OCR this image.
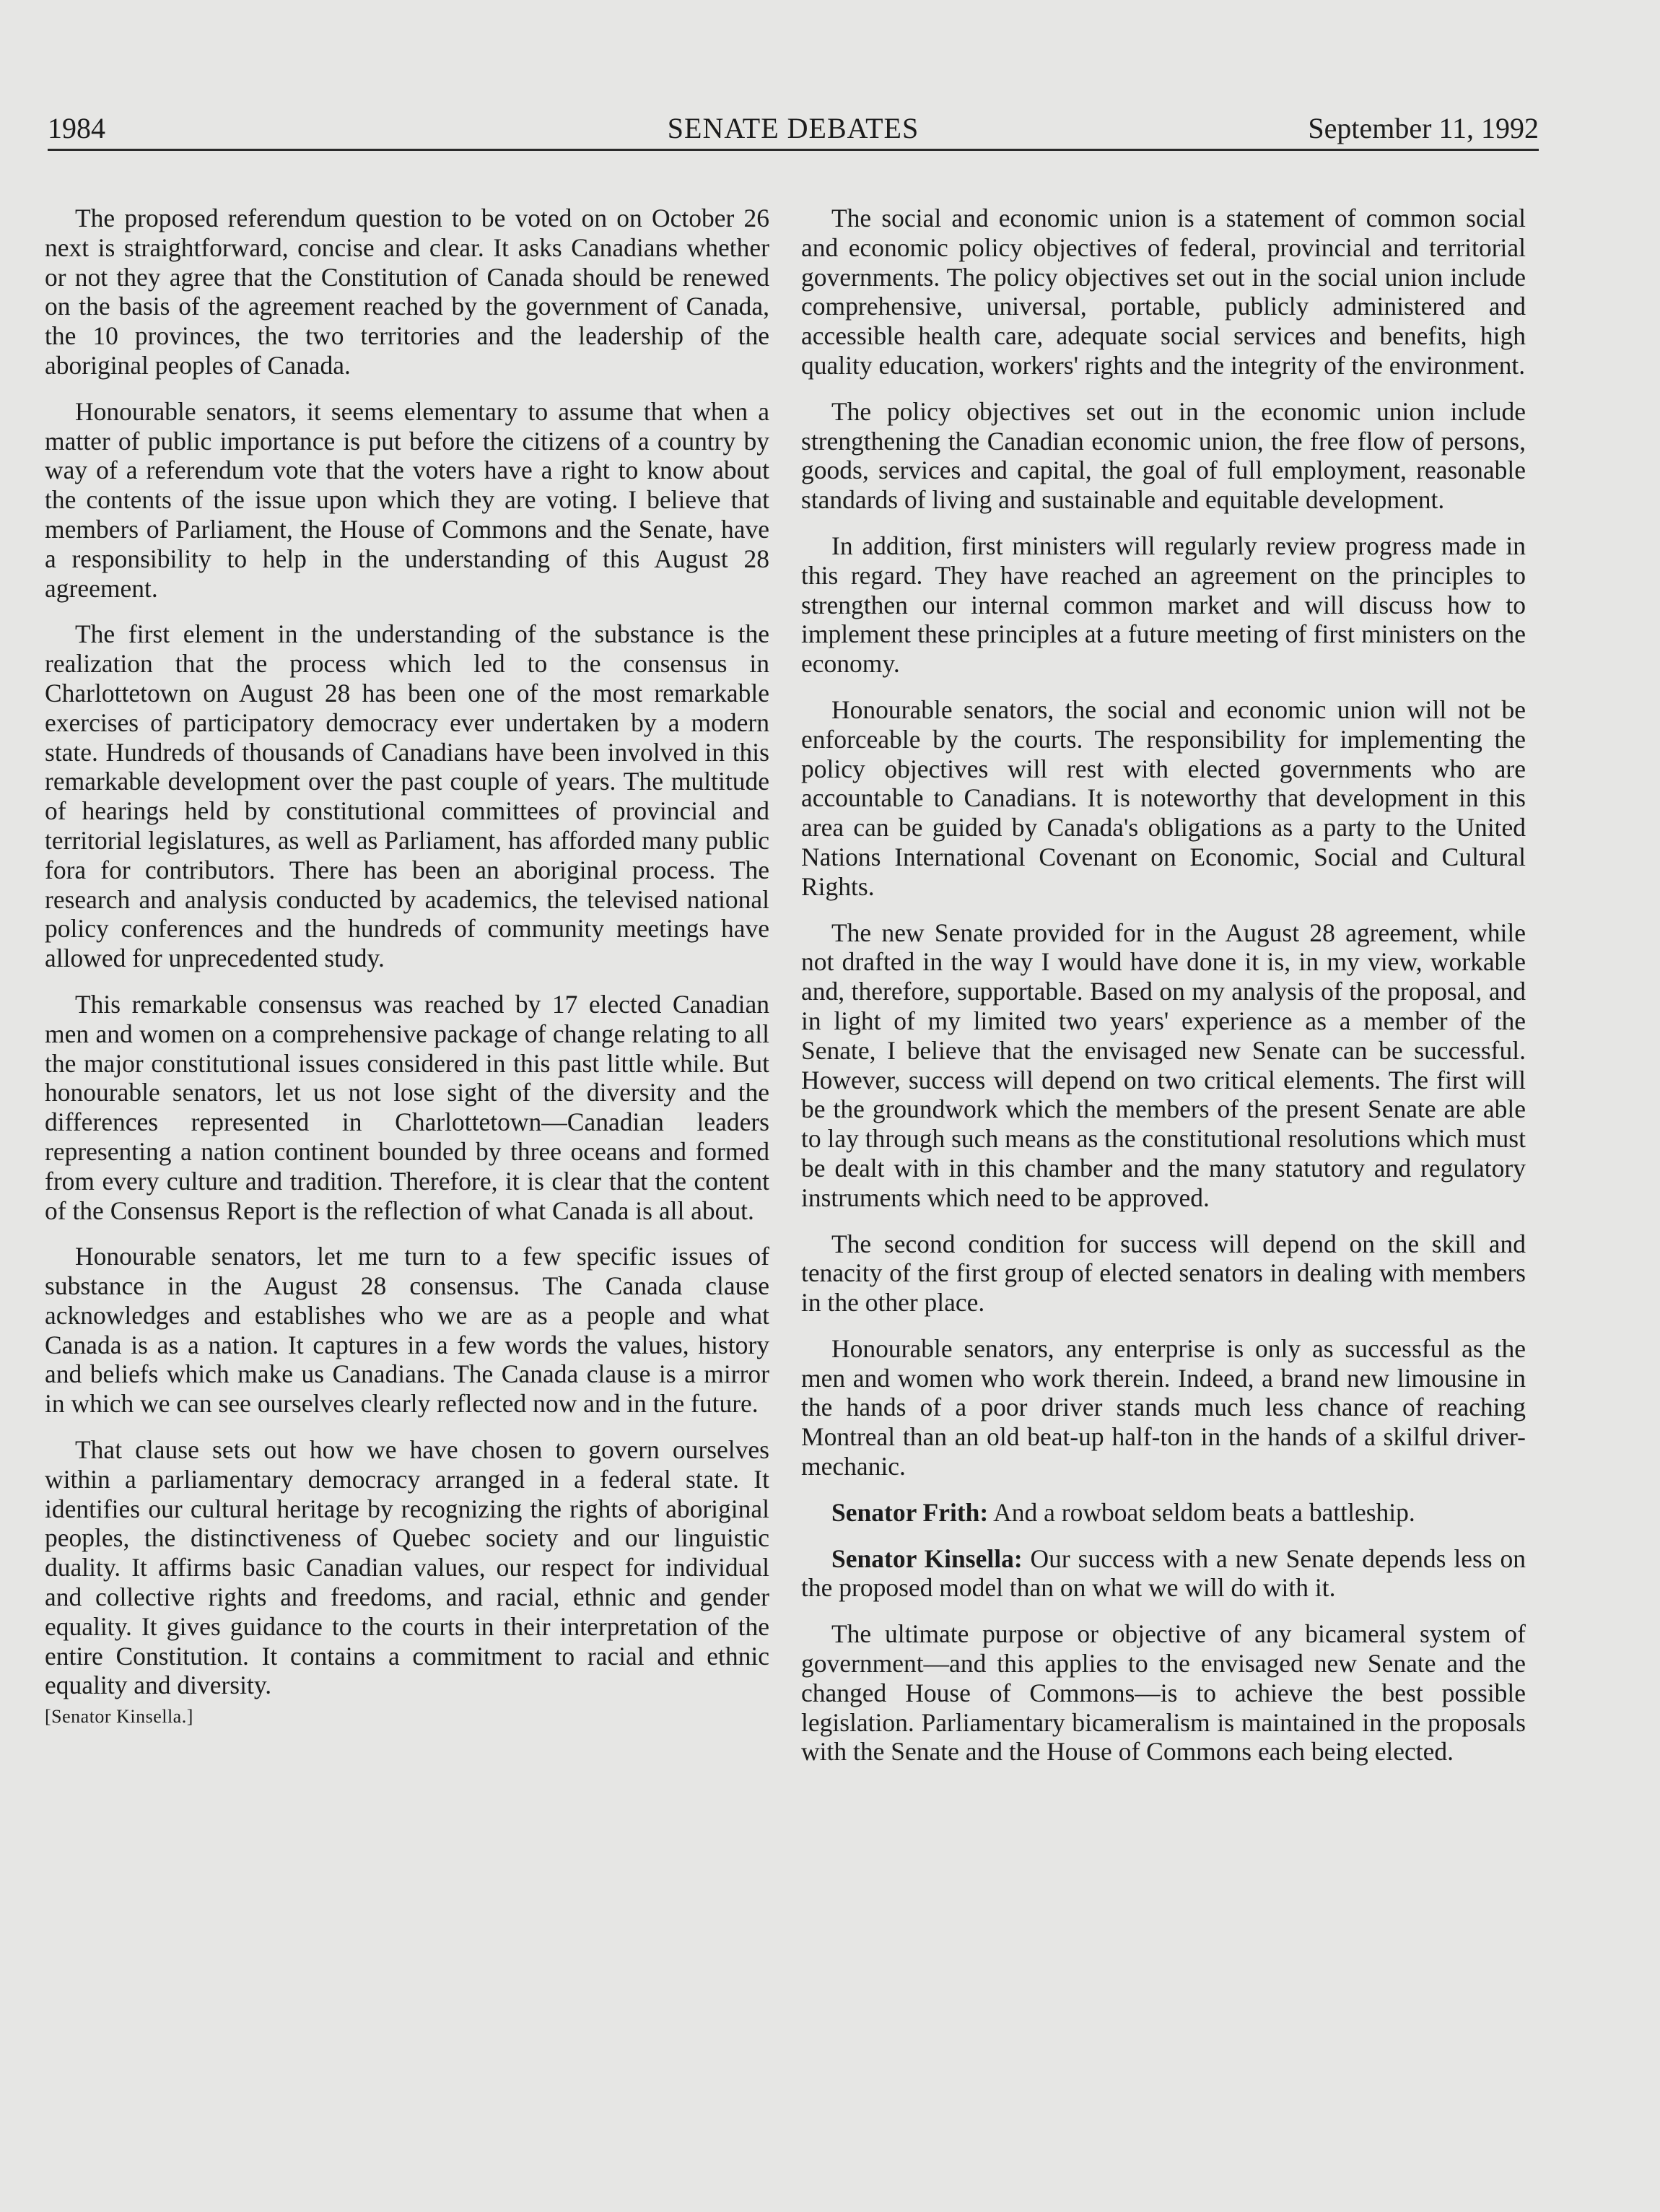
1984	SENATE DEBATES	September 11, 1992

The proposed referendum question to be voted on on October 26 next is straightforward, concise and clear. It asks Canadians whether or not they agree that the Constitution of Canada should be renewed on the basis of the agreement reached by the government of Canada, the 10 provinces, the two territories and the leadership of the aboriginal peoples of Canada.

Honourable senators, it seems elementary to assume that when a matter of public importance is put before the citizens of a country by way of a referendum vote that the voters have a right to know about the contents of the issue upon which they are voting. I believe that members of Parliament, the House of Commons and the Senate, have a responsibility to help in the understanding of this August 28 agreement.

The first element in the understanding of the substance is the realization that the process which led to the consensus in Charlottetown on August 28 has been one of the most remarkable exercises of participatory democracy ever undertaken by a modern state. Hundreds of thousands of Canadians have been involved in this remarkable development over the past couple of years. The multitude of hearings held by constitutional committees of provincial and territorial legislatures, as well as Parliament, has afforded many public fora for contributors. There has been an aboriginal process. The research and analysis conducted by academics, the televised national policy conferences and the hundreds of community meetings have allowed for unprecedented study.

This remarkable consensus was reached by 17 elected Canadian men and women on a comprehensive package of change relating to all the major constitutional issues considered in this past little while. But honourable senators, let us not lose sight of the diversity and the differences represented in Charlottetown—Canadian leaders representing a nation continent bounded by three oceans and formed from every culture and tradition. Therefore, it is clear that the content of the Consensus Report is the reflection of what Canada is all about.

Honourable senators, let me turn to a few specific issues of substance in the August 28 consensus. The Canada clause acknowledges and establishes who we are as a people and what Canada is as a nation. It captures in a few words the values, history and beliefs which make us Canadians. The Canada clause is a mirror in which we can see ourselves clearly reflected now and in the future.

That clause sets out how we have chosen to govern ourselves within a parliamentary democracy arranged in a federal state. It identifies our cultural heritage by recognizing the rights of aboriginal peoples, the distinctiveness of Quebec society and our linguistic duality. It affirms basic Canadian values, our respect for individual and collective rights and freedoms, and racial, ethnic and gender equality. It gives guidance to the courts in their interpretation of the entire Constitution. It contains a commitment to racial and ethnic equality and diversity.

[Senator Kinsella.]

The social and economic union is a statement of common social and economic policy objectives of federal, provincial and territorial governments. The policy objectives set out in the social union include comprehensive, universal, portable, publicly administered and accessible health care, adequate social services and benefits, high quality education, workers' rights and the integrity of the environment.

The policy objectives set out in the economic union include strengthening the Canadian economic union, the free flow of persons, goods, services and capital, the goal of full employment, reasonable standards of living and sustainable and equitable development.

In addition, first ministers will regularly review progress made in this regard. They have reached an agreement on the principles to strengthen our internal common market and will discuss how to implement these principles at a future meeting of first ministers on the economy.

Honourable senators, the social and economic union will not be enforceable by the courts. The responsibility for implementing the policy objectives will rest with elected governments who are accountable to Canadians. It is noteworthy that development in this area can be guided by Canada's obligations as a party to the United Nations International Covenant on Economic, Social and Cultural Rights.

The new Senate provided for in the August 28 agreement, while not drafted in the way I would have done it is, in my view, workable and, therefore, supportable. Based on my analysis of the proposal, and in light of my limited two years' experience as a member of the Senate, I believe that the envisaged new Senate can be successful. However, success will depend on two critical elements. The first will be the groundwork which the members of the present Senate are able to lay through such means as the constitutional resolutions which must be dealt with in this chamber and the many statutory and regulatory instruments which need to be approved.

The second condition for success will depend on the skill and tenacity of the first group of elected senators in dealing with members in the other place.

Honourable senators, any enterprise is only as successful as the men and women who work therein. Indeed, a brand new limousine in the hands of a poor driver stands much less chance of reaching Montreal than an old beat-up half-ton in the hands of a skilful driver-mechanic.

Senator Frith: And a rowboat seldom beats a battleship.

Senator Kinsella: Our success with a new Senate depends less on the proposed model than on what we will do with it.

The ultimate purpose or objective of any bicameral system of government—and this applies to the envisaged new Senate and the changed House of Commons—is to achieve the best possible legislation. Parliamentary bicameralism is maintained in the proposals with the Senate and the House of Commons each being elected.
